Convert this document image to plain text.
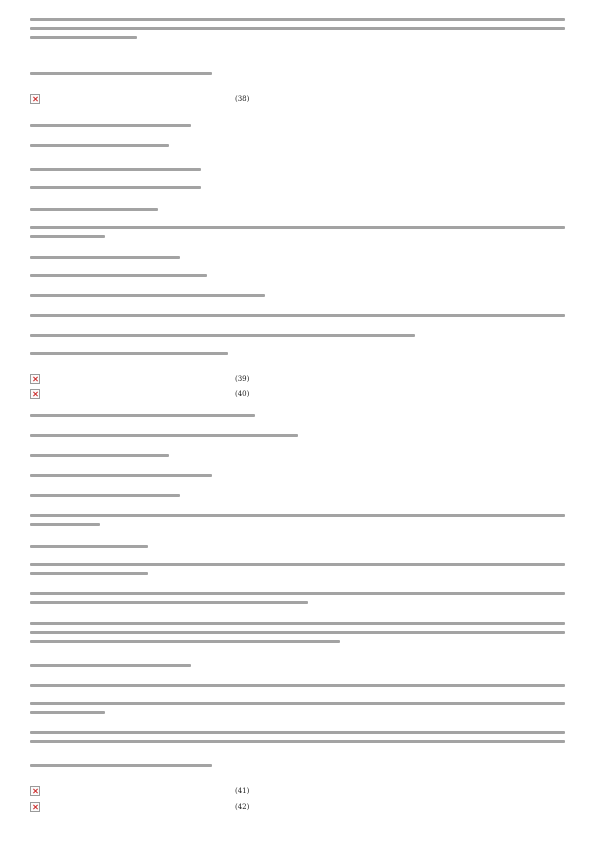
(38)
(39)
(40)
(41)
(42)
